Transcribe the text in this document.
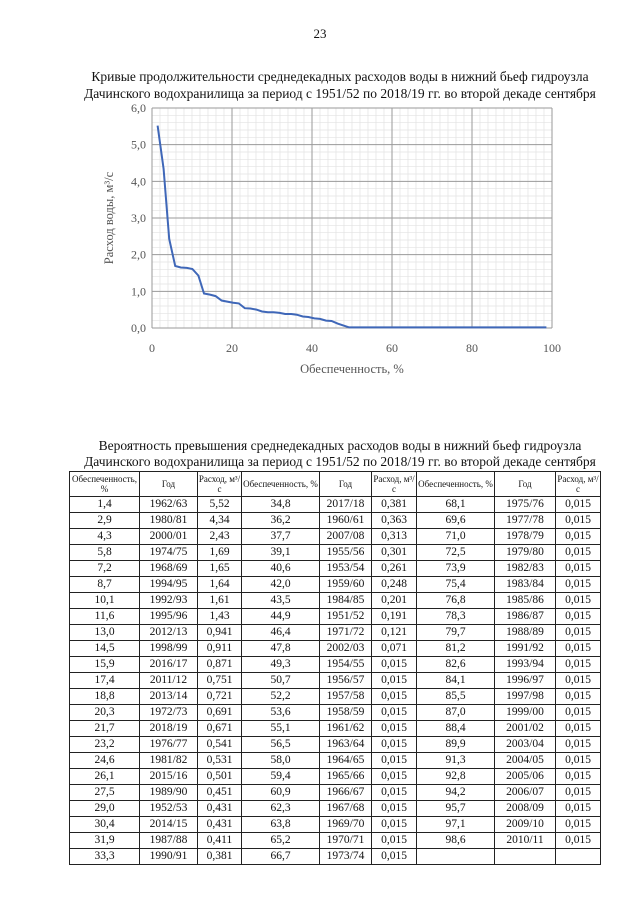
23
Кривые продолжительности среднедекадных расходов воды в нижний бьеф гидроузла
Дачинского водохранилища за период с 1951/52 по 2018/19 гг. во второй декаде сентября
0,0
1,0
2,0
3,0
4,0
5,0
6,0
0	20	40	60	80	100
Обеспеченность, %
Расход воды, м³/с
Вероятность превышения среднедекадных расходов воды в нижний бьеф гидроузла
Дачинского водохранилища за период с 1951/52 по 2018/19 гг. во второй декаде сентября
Обеспеченность, %	Год	Расход, м³/с	Обеспеченность, %	Год	Расход, м³/с	Обеспеченность, %	Год	Расход, м³/с
1,4	1962/63	5,52	34,8	2017/18	0,381	68,1	1975/76	0,015
2,9	1980/81	4,34	36,2	1960/61	0,363	69,6	1977/78	0,015
4,3	2000/01	2,43	37,7	2007/08	0,313	71,0	1978/79	0,015
5,8	1974/75	1,69	39,1	1955/56	0,301	72,5	1979/80	0,015
7,2	1968/69	1,65	40,6	1953/54	0,261	73,9	1982/83	0,015
8,7	1994/95	1,64	42,0	1959/60	0,248	75,4	1983/84	0,015
10,1	1992/93	1,61	43,5	1984/85	0,201	76,8	1985/86	0,015
11,6	1995/96	1,43	44,9	1951/52	0,191	78,3	1986/87	0,015
13,0	2012/13	0,941	46,4	1971/72	0,121	79,7	1988/89	0,015
14,5	1998/99	0,911	47,8	2002/03	0,071	81,2	1991/92	0,015
15,9	2016/17	0,871	49,3	1954/55	0,015	82,6	1993/94	0,015
17,4	2011/12	0,751	50,7	1956/57	0,015	84,1	1996/97	0,015
18,8	2013/14	0,721	52,2	1957/58	0,015	85,5	1997/98	0,015
20,3	1972/73	0,691	53,6	1958/59	0,015	87,0	1999/00	0,015
21,7	2018/19	0,671	55,1	1961/62	0,015	88,4	2001/02	0,015
23,2	1976/77	0,541	56,5	1963/64	0,015	89,9	2003/04	0,015
24,6	1981/82	0,531	58,0	1964/65	0,015	91,3	2004/05	0,015
26,1	2015/16	0,501	59,4	1965/66	0,015	92,8	2005/06	0,015
27,5	1989/90	0,451	60,9	1966/67	0,015	94,2	2006/07	0,015
29,0	1952/53	0,431	62,3	1967/68	0,015	95,7	2008/09	0,015
30,4	2014/15	0,431	63,8	1969/70	0,015	97,1	2009/10	0,015
31,9	1987/88	0,411	65,2	1970/71	0,015	98,6	2010/11	0,015
33,3	1990/91	0,381	66,7	1973/74	0,015			
